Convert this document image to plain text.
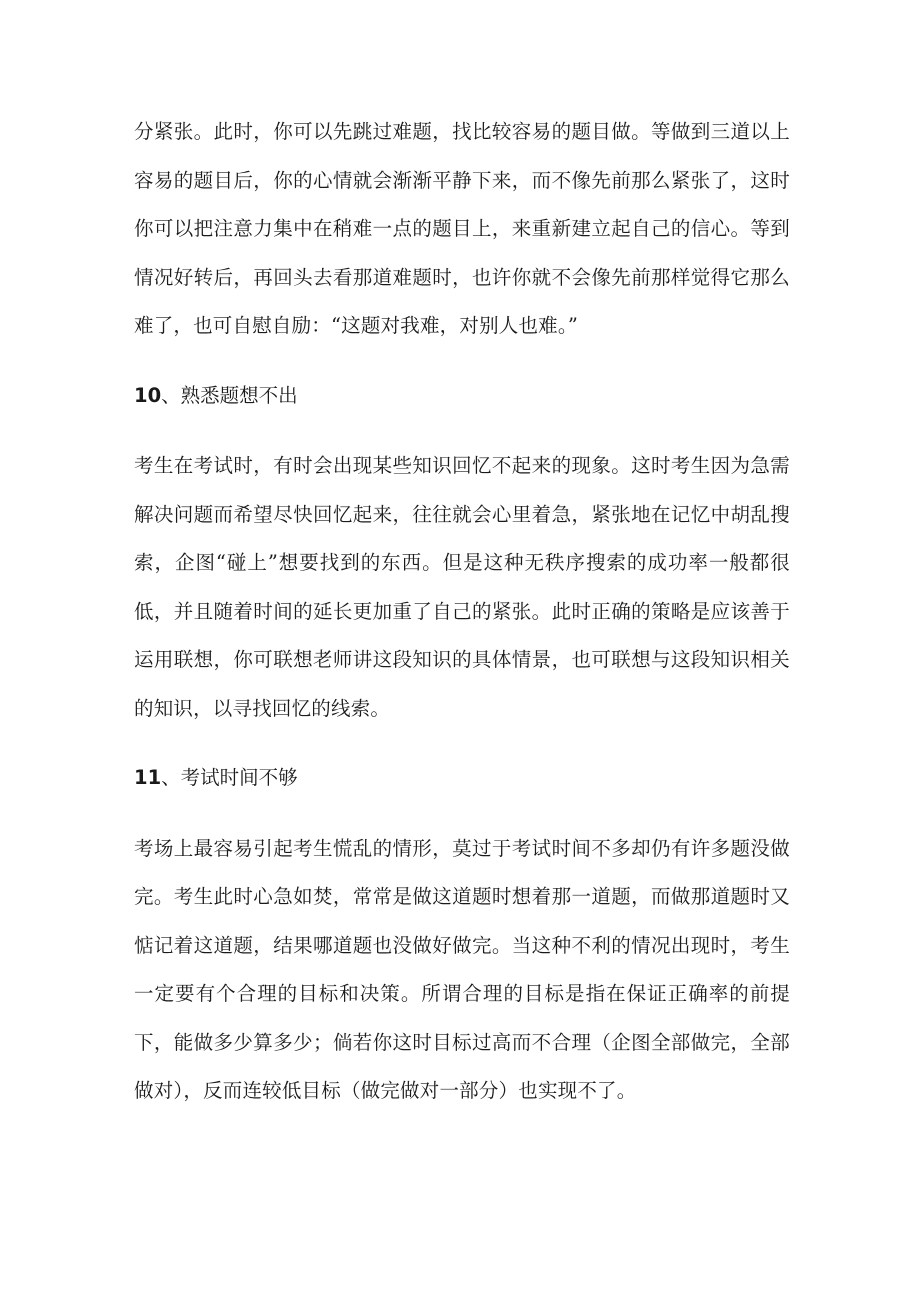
分紧张。此时，你可以先跳过难题，找比较容易的题目做。等做到三道以上容易的题目后，你的心情就会渐渐平静下来，而不像先前那么紧张了，这时你可以把注意力集中在稍难一点的题目上，来重新建立起自己的信心。等到情况好转后，再回头去看那道难题时，也许你就不会像先前那样觉得它那么难了，也可自慰自励：“这题对我难，对别人也难。”

10、熟悉题想不出

考生在考试时，有时会出现某些知识回忆不起来的现象。这时考生因为急需解决问题而希望尽快回忆起来，往往就会心里着急，紧张地在记忆中胡乱搜索，企图“碰上”想要找到的东西。但是这种无秩序搜索的成功率一般都很低，并且随着时间的延长更加重了自己的紧张。此时正确的策略是应该善于运用联想，你可联想老师讲这段知识的具体情景，也可联想与这段知识相关的知识，以寻找回忆的线索。

11、考试时间不够

考场上最容易引起考生慌乱的情形，莫过于考试时间不多却仍有许多题没做完。考生此时心急如焚，常常是做这道题时想着那一道题，而做那道题时又惦记着这道题，结果哪道题也没做好做完。当这种不利的情况出现时，考生一定要有个合理的目标和决策。所谓合理的目标是指在保证正确率的前提下，能做多少算多少；倘若你这时目标过高而不合理（企图全部做完，全部做对），反而连较低目标（做完做对一部分）也实现不了。
